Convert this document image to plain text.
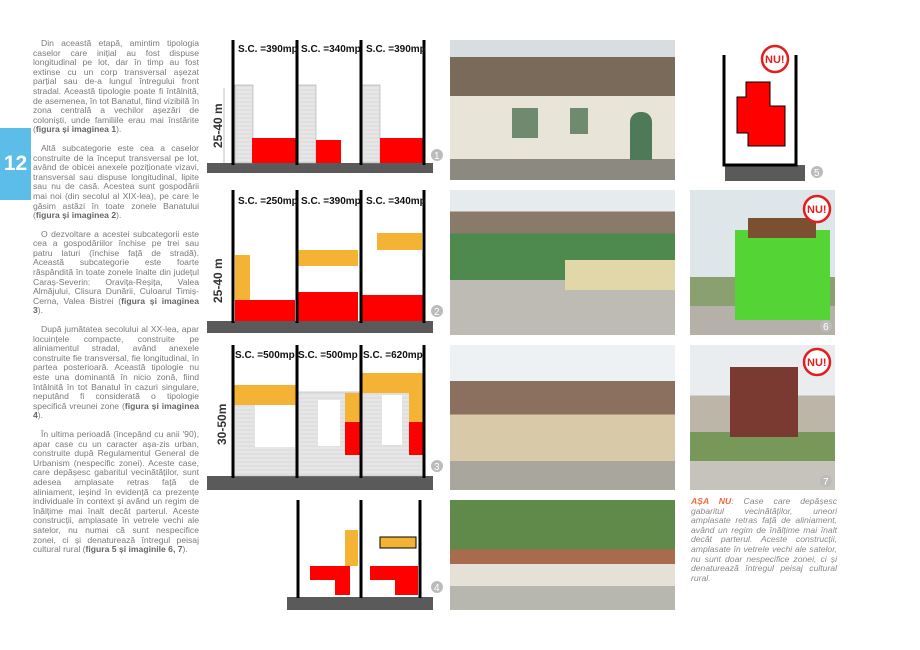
12

Din această etapă, amintim tipologia caselor care inițial au fost dispuse longitudinal pe lot, dar în timp au fost extinse cu un corp transversal așezat parțial sau de-a lungul întregului front stradal. Această tipologie poate fi întâlnită, de asemenea, în tot Banatul, fiind vizibilă în zona centrală a vechilor așezări de coloniști, unde familiile erau mai înstărite (figura și imaginea 1).

Altă subcategorie este cea a caselor construite de la început transversal pe lot, având de obicei anexele poziționate vizavi, transversal sau dispuse longitudinal, lipite sau nu de casă. Acestea sunt gospodării mai noi (din secolul al XIX-lea), pe care le găsim astăzi în toate zonele Banatului (figura și imaginea 2).

O dezvoltare a acestei subcategorii este cea a gospodăriilor închise pe trei sau patru laturi (închise față de stradă). Această subcategorie este foarte răspândită în toate zonele înalte din județul Caraș-Severin: Oravița-Reșița, Valea Almăjului, Clisura Dunării, Culoarul Timiș-Cerna, Valea Bistrei (figura și imaginea 3).

După jumătatea secolului al XX-lea, apar locuințele compacte, construite pe aliniamentul stradal, având anexele construite fie transversal, fie longitudinal, în partea posterioară. Această tipologie nu este una dominantă în nicio zonă, fiind întâlnită în tot Banatul în cazuri singulare, neputând fi considerată o tipologie specifică vreunei zone (figura și imaginea 4).

În ultima perioadă (începând cu anii '90), apar case cu un caracter așa-zis urban, construite după Regulamentul General de Urbanism (nespecific zonei). Aceste case, care depășesc gabaritul vecinătăților, sunt adesea amplasate retras față de aliniament, ieșind în evidență ca prezențe individuale în context și având un regim de înălțime mai înalt decât parterul. Aceste construcții, amplasate în vetrele vechi ale satelor, nu numai că sunt nespecifice zonei, ci și denaturează întregul peisaj cultural rural (figura 5 și imaginile 6, 7).

S.C. =390mp S.C. =340mp S.C. =390mp
25-40 m
1
S.C. =250mp S.C. =390mp S.C. =340mp
25-40 m
2
S.C. =500mp S.C. =500mp S.C. =620mp
30-50m
3
4
NU!
5
NU!
6
NU!
7
AȘA NU: Case care depășesc gabaritul vecinătăților, uneori amplasate retras față de aliniament, având un regim de înălțime mai înalt decât parterul. Aceste construcții, amplasate în vetrele vechi ale satelor, nu sunt doar nespecifice zonei, ci și denaturează întregul peisaj cultural rural.
